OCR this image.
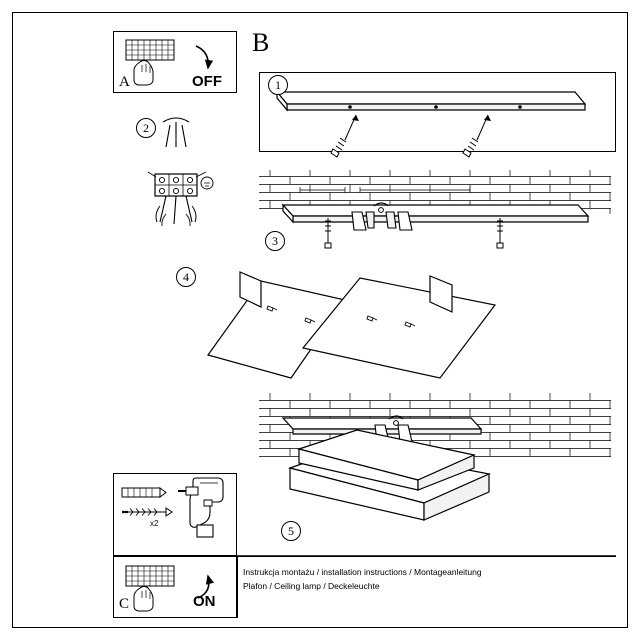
B
A
C
OFF
ON
1
2
3
4
5
x2
Instrukcja montażu / installation instructions / Montageanleitung
Plafon / Ceiling lamp / Deckeleuchte
